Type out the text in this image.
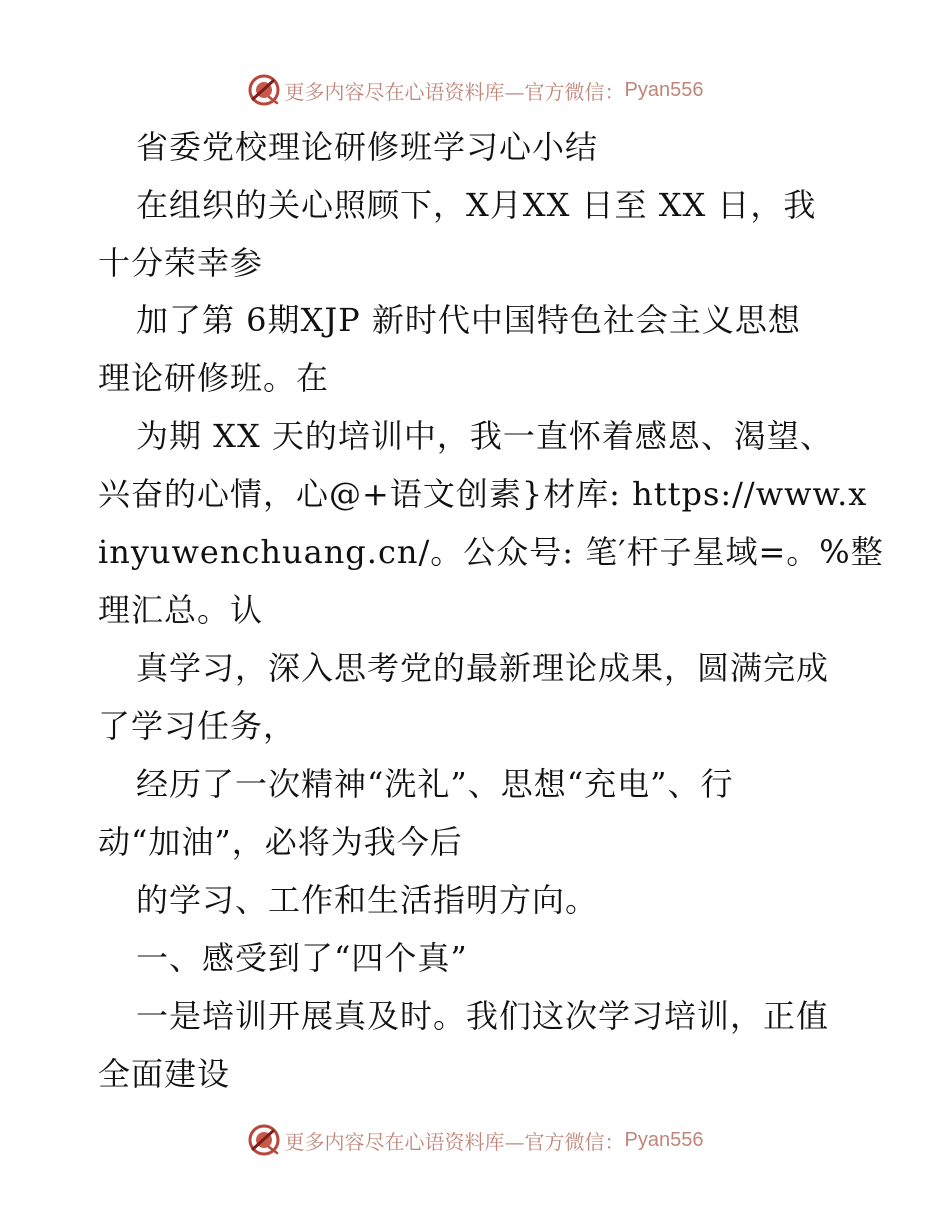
更多内容尽在心语资料库—官方微信： Pyan556
省委党校理论研修班学习心小结
在组织的关心照顾下，X月XX 日至 XX 日，我
十分荣幸参
加了第 6期XJP 新时代中国特色社会主义思想
理论研修班。在
为期 XX 天的培训中，我一直怀着感恩、渴望、
兴奋的心情，心@+语文创素}材库: https://www.x
inyuwenchuang.cn/。公众号: 笔′杆子星域=。%整
理汇总。认
真学习，深入思考党的最新理论成果，圆满完成
了学习任务，
经历了一次精神“洗礼”、思想“充电”、行
动“加油”，必将为我今后
的学习、工作和生活指明方向。
一、感受到了“四个真”
一是培训开展真及时。我们这次学习培训，正值
全面建设
更多内容尽在心语资料库—官方微信： Pyan556
